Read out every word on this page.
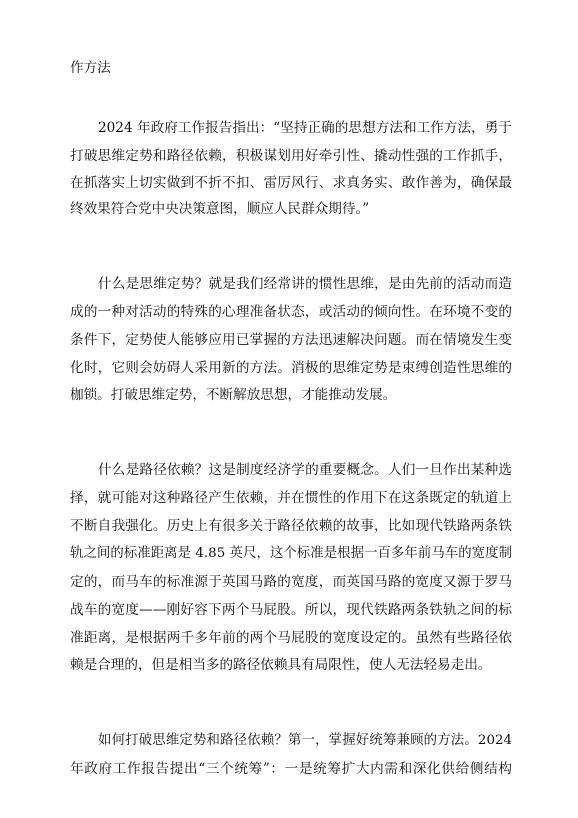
作方法
2024 年政府工作报告指出：“坚持正确的思想方法和工作方法，勇于
打破思维定势和路径依赖，积极谋划用好牵引性、撬动性强的工作抓手，
在抓落实上切实做到不折不扣、雷厉风行、求真务实、敢作善为，确保最
终效果符合党中央决策意图，顺应人民群众期待。”
什么是思维定势？就是我们经常讲的惯性思维，是由先前的活动而造
成的一种对活动的特殊的心理准备状态，或活动的倾向性。在环境不变的
条件下，定势使人能够应用已掌握的方法迅速解决问题。而在情境发生变
化时，它则会妨碍人采用新的方法。消极的思维定势是束缚创造性思维的
枷锁。打破思维定势，不断解放思想，才能推动发展。
什么是路径依赖？这是制度经济学的重要概念。人们一旦作出某种选
择，就可能对这种路径产生依赖，并在惯性的作用下在这条既定的轨道上
不断自我强化。历史上有很多关于路径依赖的故事，比如现代铁路两条铁
轨之间的标准距离是 4.85 英尺，这个标准是根据一百多年前马车的宽度制
定的，而马车的标准源于英国马路的宽度，而英国马路的宽度又源于罗马
战车的宽度——刚好容下两个马屁股。所以，现代铁路两条铁轨之间的标
准距离，是根据两千多年前的两个马屁股的宽度设定的。虽然有些路径依
赖是合理的，但是相当多的路径依赖具有局限性，使人无法轻易走出。
如何打破思维定势和路径依赖？第一，掌握好统筹兼顾的方法。2024
年政府工作报告提出“三个统筹”：一是统筹扩大内需和深化供给侧结构
